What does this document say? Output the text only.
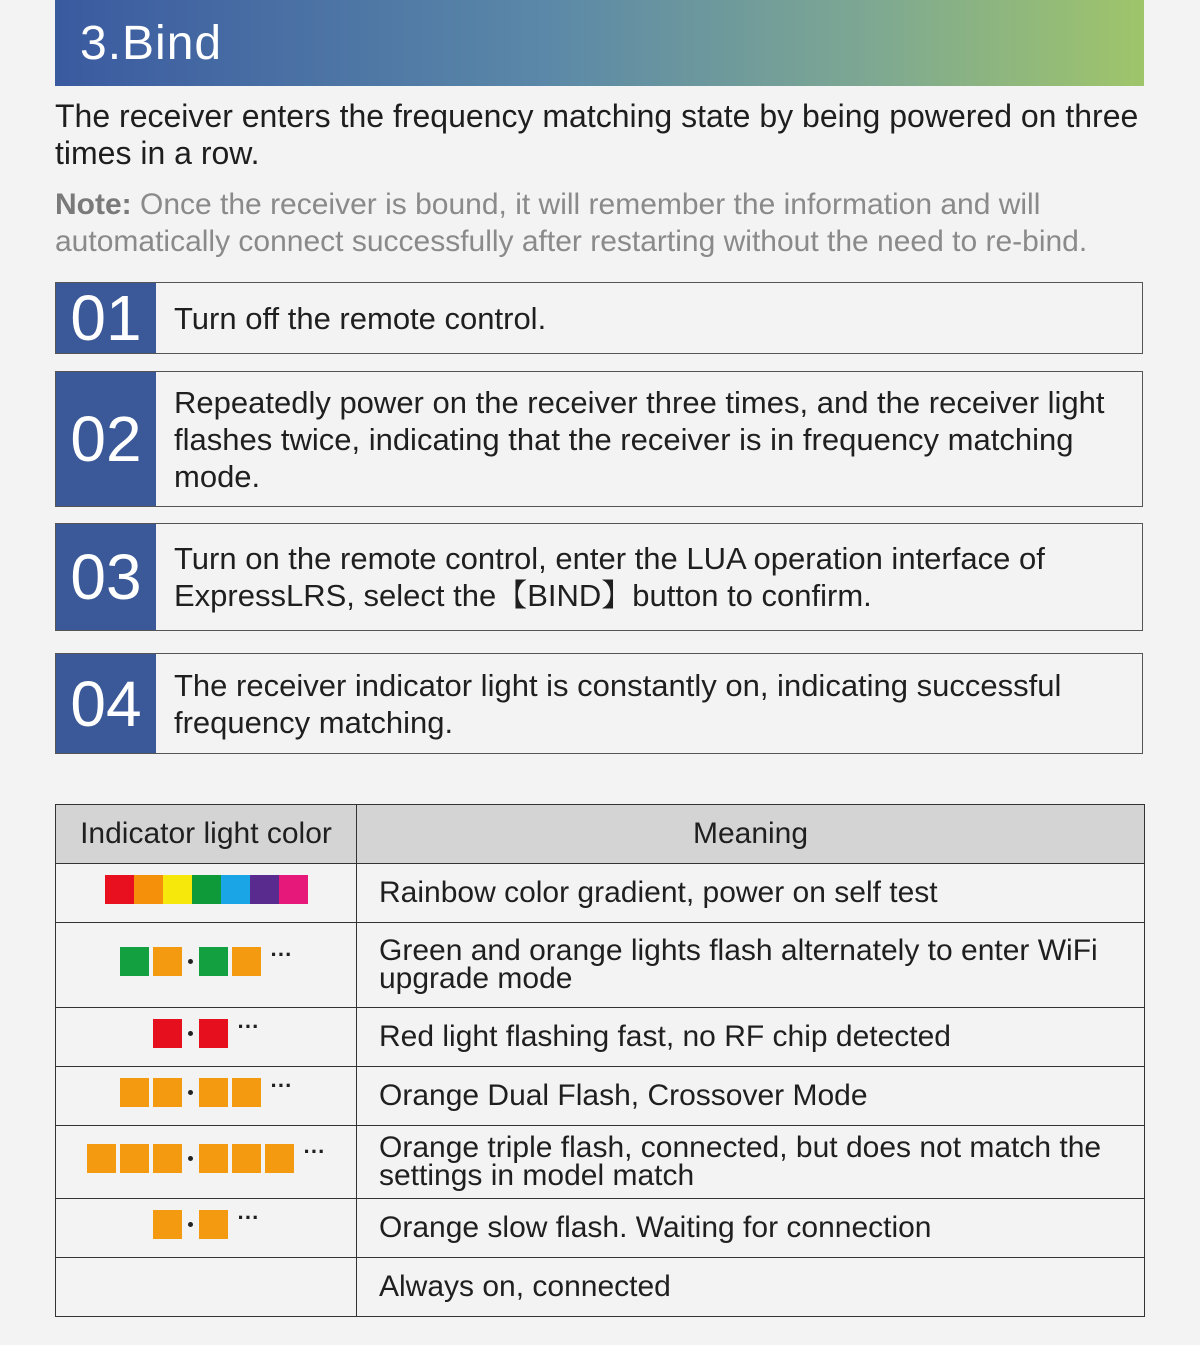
3.Bind
The receiver enters the frequency matching state by being powered on three times in a row.
Note: Once the receiver is bound, it will remember the information and will automatically connect successfully after restarting without the need to re-bind.
01	Turn off the remote control.
02
Repeatedly power on the receiver three times, and the receiver light flashes twice, indicating that the receiver is in frequency matching mode.
03	Turn on the remote control, enter the LUA operation interface of ExpressLRS, select the【BIND】button to confirm.
04	The receiver indicator light is constantly on, indicating successful frequency matching.
Indicator light color	Meaning

	Rainbow color gradient, power on self test

···	Green and orange lights flash alternately to enter WiFi upgrade mode

···	Red light flashing fast, no RF chip detected

···	Orange Dual Flash, Crossover Mode

···	Orange triple flash, connected, but does not match the settings in model match

···	Orange slow flash. Waiting for connection
	Always on, connected
